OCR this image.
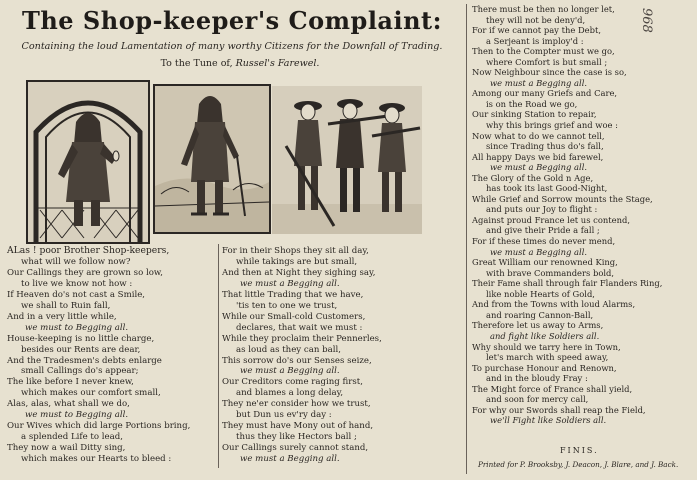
The Shop-keeper's Complaint:
Containing the loud Lamentation of many worthy Citizens for the Downfall of Trading.
To the Tune of, Russel's Farewel.
968
ALas ! poor Brother Shop-keepers,
what will we follow now?
Our Callings they are grown so low,
to live we know not how :
If Heaven do's not cast a Smile,
we shall to Ruin fall,
And in a very little while,
we must to Begging all.
House-keeping is no little charge,
besides our Rents are dear,
And the Tradesmen's debts enlarge
small Callings do's appear;
The like before I never knew,
which makes our comfort small,
Alas, alas, what shall we do,
we must to Begging all.
Our Wives which did large Portions bring,
a splended Life to lead,
They now a wail Ditty sing,
which makes our Hearts to bleed :
For in their Shops they sit all day,
while takings are but small,
And then at Night they sighing say,
we must a Begging all.
That little Trading that we have,
'tis ten to one we trust,
While our Small-cold Customers,
declares, that wait we must :
While they proclaim their Pennerles,
as loud as they can ball,
This sorrow do's our Senses seize,
we must a Begging all.
Our Creditors come raging first,
and blames a long delay,
They ne'er consider how we trust,
but Dun us ev'ry day :
They must have Mony out of hand,
thus they like Hectors ball ;
Our Callings surely cannot stand,
we must a Begging all.
There must be then no longer let,
they will not be deny'd,
For if we cannot pay the Debt,
a Serjeant is imploy'd :
Then to the Compter must we go,
where Comfort is but small ;
Now Neighbour since the case is so,
we must a Begging all.
Among our many Griefs and Care,
is on the Road we go,
Our sinking Station to repair,
why this brings grief and woe :
Now what to do we cannot tell,
since Trading thus do's fall,
All happy Days we bid farewel,
we must a Begging all.
The Glory of the Gold n Age,
has took its last Good-Night,
While Grief and Sorrow mounts the Stage,
and puts our Joy to flight :
Against proud France let us contend,
and give their Pride a fall ;
For if these times do never mend,
we must a Begging all.
Great William our renowned King,
with brave Commanders bold,
Their Fame shall through fair Flanders Ring,
like noble Hearts of Gold,
And from the Towns with loud Alarms,
and roaring Cannon-Ball,
Therefore let us away to Arms,
and fight like Soldiers all.
Why should we tarry here in Town,
let's march with speed away,
To purchase Honour and Renown,
and in the bloudy Fray :
The Might force of France shall yield,
and soon for mercy call,
For why our Swords shall reap the Field,
we'll Fight like Soldiers all.
FINIS.
Printed for P. Brooksby, J. Deacon, J. Blare, and J. Back.
